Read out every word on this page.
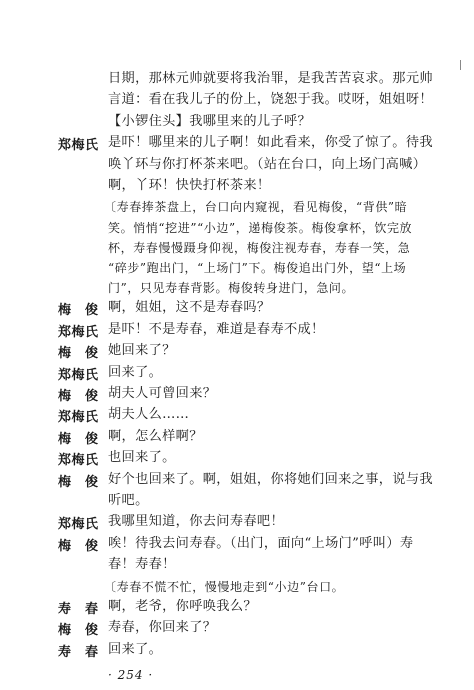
· 254 ·
日期，那林元帅就要将我治罪，是我苦苦哀求。那元帅
言道：看在我儿子的份上，饶恕于我。哎呀，姐姐呀！
【小锣住头】我哪里来的儿子呼？
郑梅氏 是吓！哪里来的儿子啊！如此看来，你受了惊了。待我
唤丫环与你打杯茶来吧。（站在台口，向上场门高喊）
啊，丫环！快快打杯茶来！
〔寿春捧茶盘上，台口向内窥视，看见梅俊，“背供”暗
笑。悄悄“挖进”“小边”，递梅俊茶。梅俊拿杯，饮完放
杯，寿春慢慢蹑身仰视，梅俊注视寿春，寿春一笑，急
“碎步”跑出门，“上场门”下。梅俊追出门外，望“上场
门”，只见寿春背影。梅俊转身进门，急问。
梅　俊 啊，姐姐，这不是寿春吗？
郑梅氏 是吓！不是寿春，难道是春寿不成！
梅　俊 她回来了？
郑梅氏 回来了。
梅　俊 胡夫人可曾回来？
郑梅氏 胡夫人么……
梅　俊 啊，怎么样啊？
郑梅氏 也回来了。
梅　俊 好个也回来了。啊，姐姐，你将她们回来之事，说与我
听吧。
郑梅氏 我哪里知道，你去问寿春吧！
梅　俊 唉！待我去问寿春。（出门，面向“上场门”呼叫）寿
春！寿春！
〔寿春不慌不忙，慢慢地走到“小边”台口。
寿　春 啊，老爷，你呼唤我么？
梅　俊 寿春，你回来了？
寿　春 回来了。
